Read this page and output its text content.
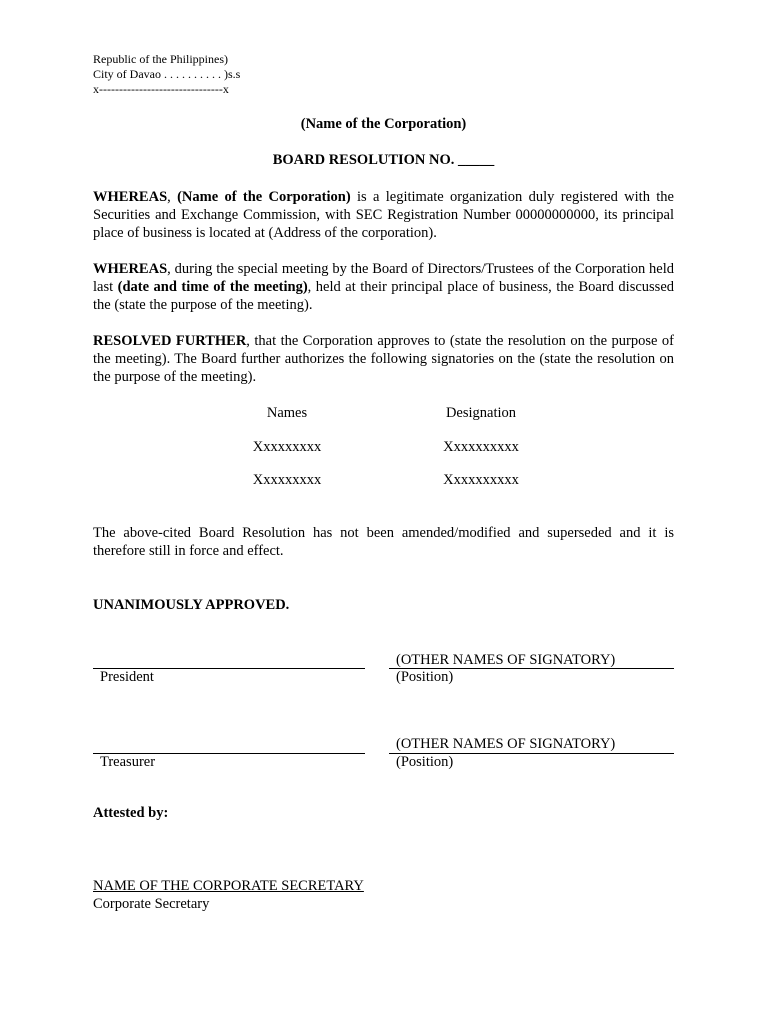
Republic of the Philippines)
City of Davao . . . . . . . . . . )s.s
x-------------------------------x
(Name of the Corporation)
BOARD RESOLUTION NO. _____
WHEREAS, (Name of the Corporation) is a legitimate organization duly registered with the Securities and Exchange Commission, with SEC Registration Number 00000000000, its principal place of business is located at (Address of the corporation).
WHEREAS, during the special meeting by the Board of Directors/Trustees of the Corporation held last (date and time of the meeting), held at their principal place of business, the Board discussed the (state the purpose of the meeting).
RESOLVED FURTHER, that the Corporation approves to (state the resolution on the purpose of the meeting). The Board further authorizes the following signatories on the (state the resolution on the purpose of the meeting).
Names	Designation
Xxxxxxxxx	Xxxxxxxxxx
Xxxxxxxxx	Xxxxxxxxxx
The above-cited Board Resolution has not been amended/modified and superseded and it is therefore still in force and effect.
UNANIMOUSLY APPROVED.
President
(OTHER NAMES OF SIGNATORY)
(Position)
Treasurer
(OTHER NAMES OF SIGNATORY)
(Position)
Attested by:
NAME OF THE CORPORATE SECRETARY
Corporate Secretary
